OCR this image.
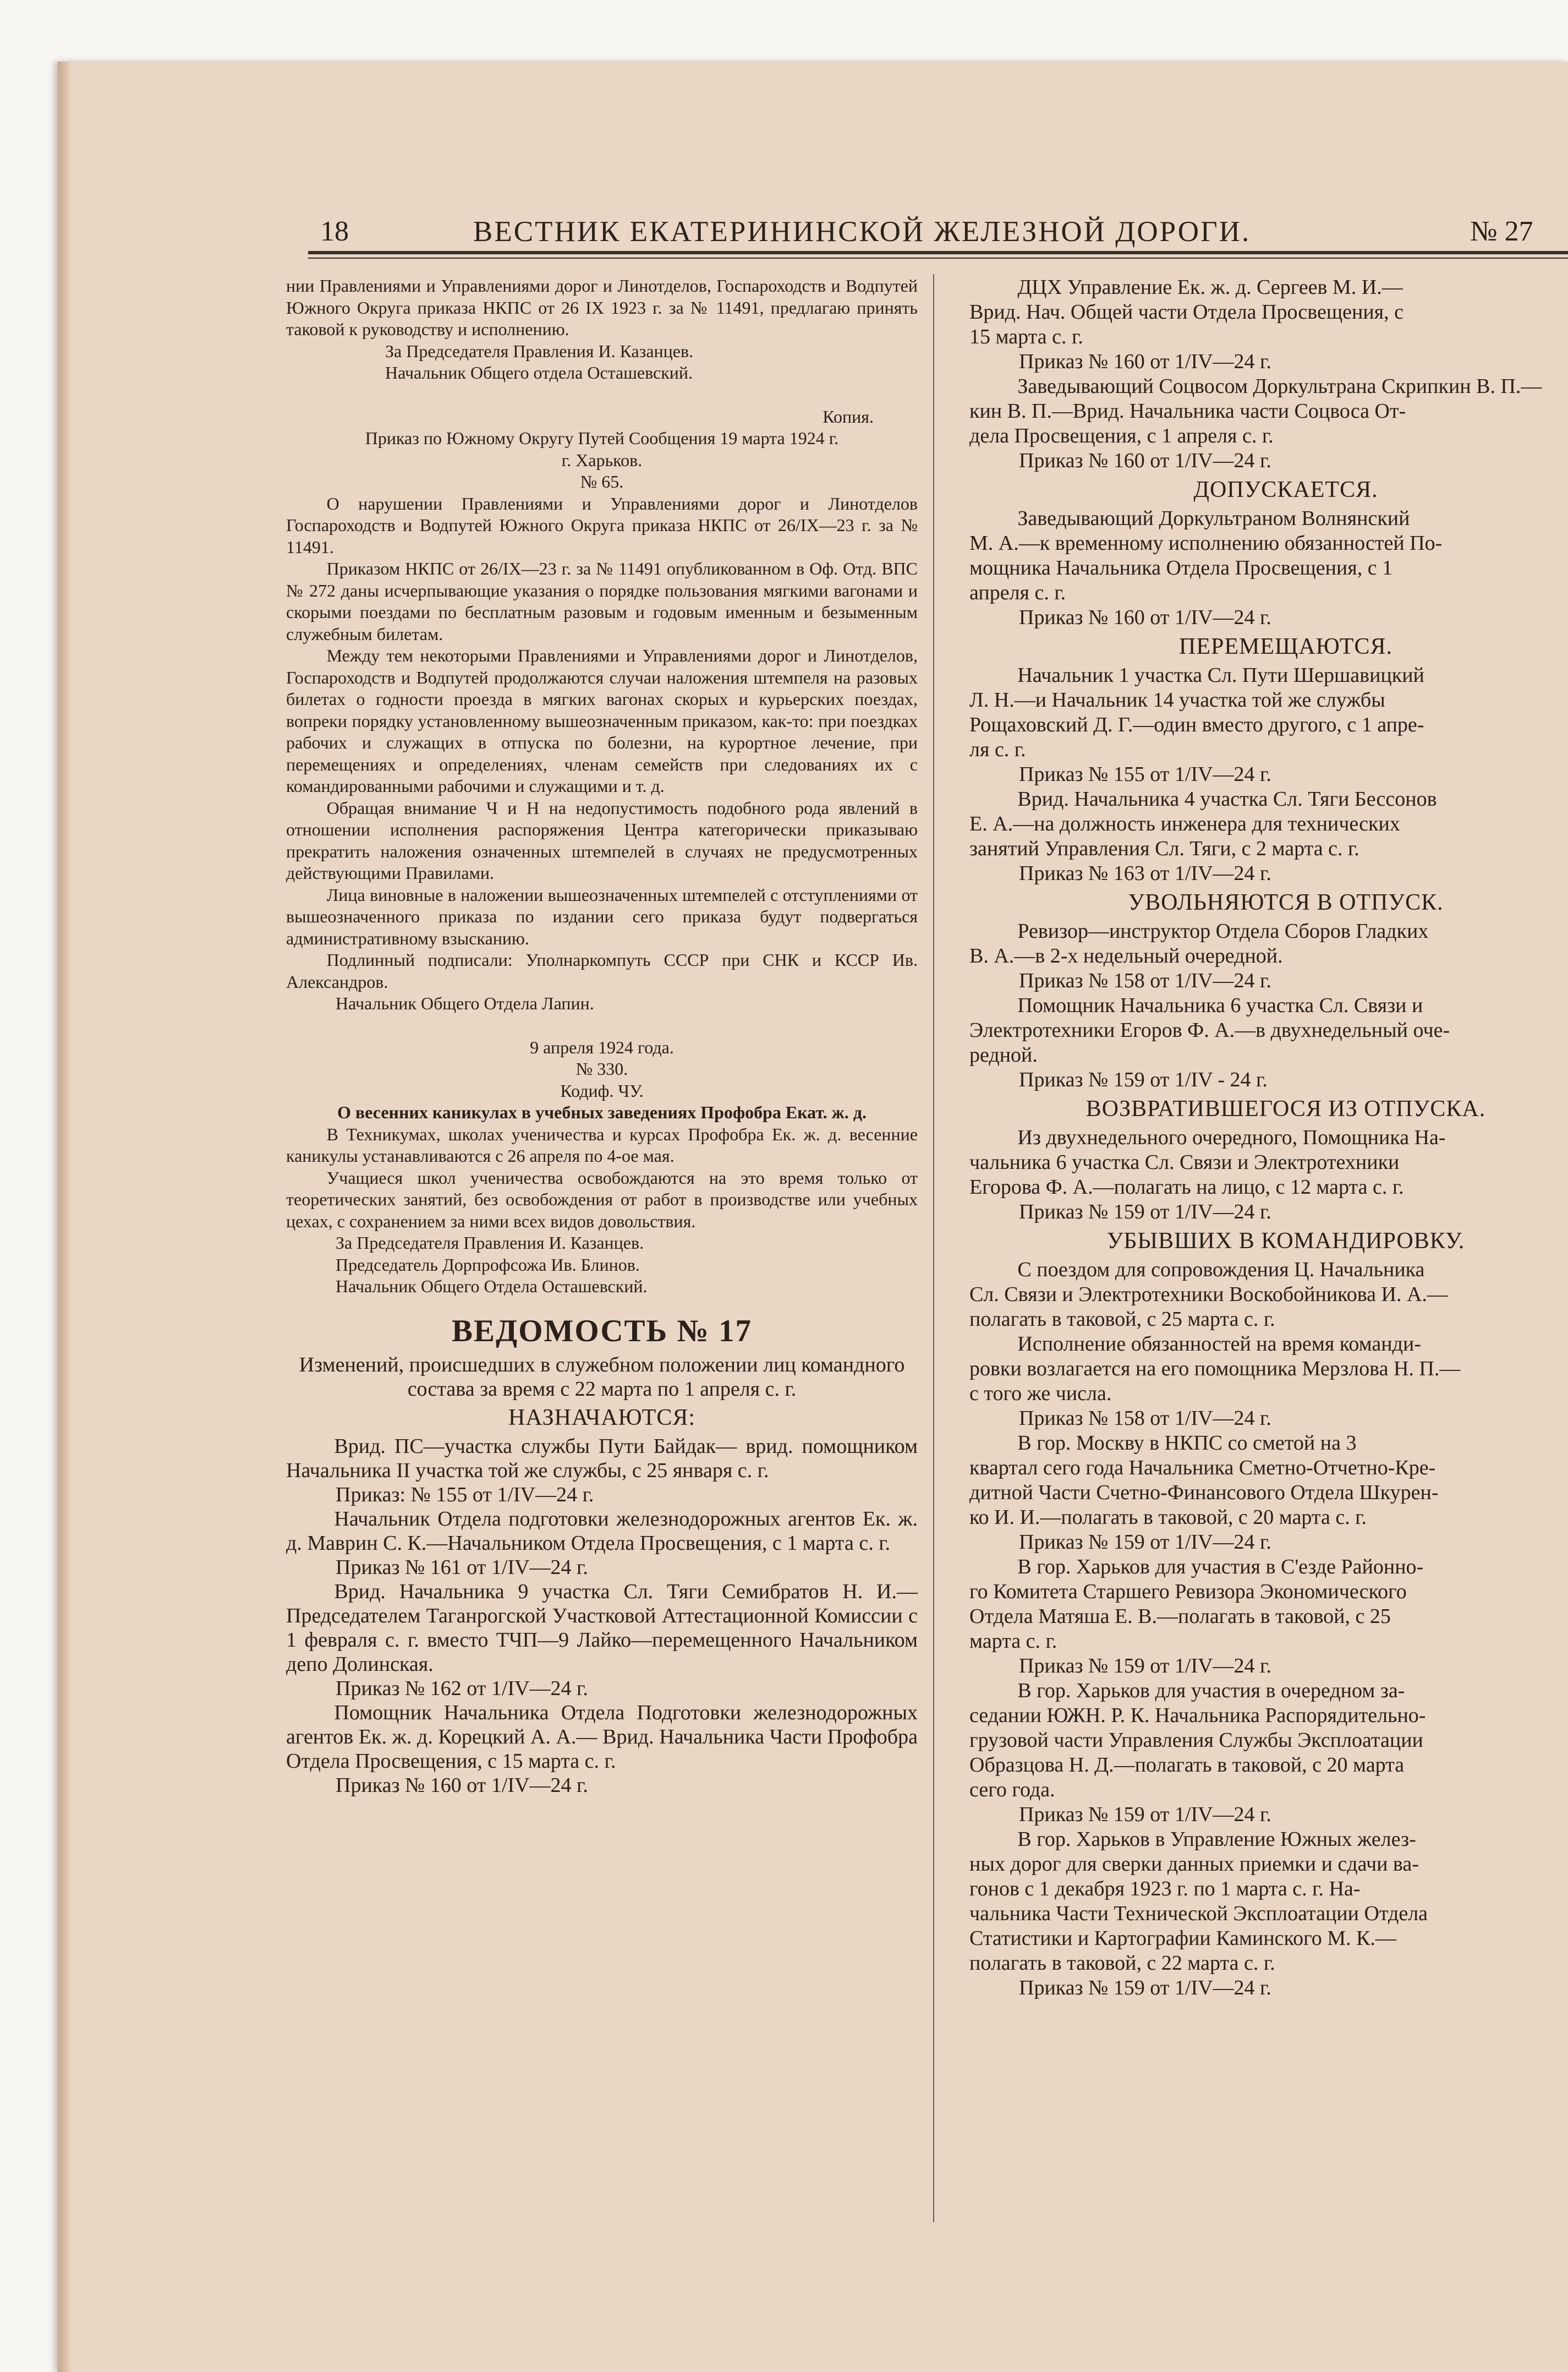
18	ВЕСТНИК ЕКАТЕРИНИНСКОЙ ЖЕЛЕЗНОЙ ДОРОГИ.	№ 27

нии Правлениями и Управлениями дорог и Линотделов, Госпароходств и Водпутей Южного Округа приказа НКПС от 26 IX 1923 г. за № 11491, предлагаю принять таковой к руководству и исполнению.

За Председателя Правления И. Казанцев.

Начальник Общего отдела Осташевский.

Копия.

Приказ по Южному Округу Путей Сообщения 19 марта 1924 г.

г. Харьков.

№ 65.

О нарушении Правлениями и Управлениями дорог и Линотделов Госпароходств и Водпутей Южного Округа приказа НКПС от 26/IX—23 г. за № 11491.

Приказом НКПС от 26/IX—23 г. за № 11491 опубликованном в Оф. Отд. ВПС № 272 даны исчерпывающие указания о порядке пользования мягкими вагонами и скорыми поездами по бесплатным разовым и годовым именным и безыменным служебным билетам.

Между тем некоторыми Правлениями и Управлениями дорог и Линотделов, Госпароходств и Водпутей продолжаются случаи наложения штемпеля на разовых билетах о годности проезда в мягких вагонах скорых и курьерских поездах, вопреки порядку установленному вышеозначенным приказом, как-то: при поездках рабочих и служащих в отпуска по болезни, на курортное лечение, при перемещениях и определениях, членам семейств при следованиях их с командированными рабочими и служащими и т. д.

Обращая внимание Ч и Н на недопустимость подобного рода явлений в отношении исполнения распоряжения Центра категорически приказываю прекратить наложения означенных штемпелей в случаях не предусмотренных действующими Правилами.

Лица виновные в наложении вышеозначенных штемпелей с отступлениями от вышеозначенного приказа по издании сего приказа будут подвергаться административному взысканию.

Подлинный подписали: Уполнаркомпуть СССР при СНК и КССР Ив. Александров.

Начальник Общего Отдела Лапин.

9 апреля 1924 года.

№ 330.

Кодиф. ЧУ.

О весенних каникулах в учебных заведениях Профобра Екат. ж. д.

В Техникумах, школах ученичества и курсах Профобра Ек. ж. д. весенние каникулы устанавливаются с 26 апреля по 4-ое мая.

Учащиеся школ ученичества освобождаются на это время только от теоретических занятий, без освобождения от работ в производстве или учебных цехах, с сохранением за ними всех видов довольствия.

За Председателя Правления И. Казанцев.

Председатель Дорпрофсожа Ив. Блинов.

Начальник Общего Отдела Осташевский.

ВЕДОМОСТЬ № 17

Изменений, происшедших в служебном положении лиц командного состава за время с 22 марта по 1 апреля с. г.

НАЗНАЧАЮТСЯ:

Врид. ПС—участка службы Пути Байдак— врид. помощником Начальника II участка той же службы, с 25 января с. г.

Приказ: № 155 от 1/IV—24 г.

Начальник Отдела подготовки железнодорожных агентов Ек. ж. д. Маврин С. К.—Начальником Отдела Просвещения, с 1 марта с. г.

Приказ № 161 от 1/IV—24 г.

Врид. Начальника 9 участка Сл. Тяги Семибратов Н. И.—Председателем Таганрогской Участковой Аттестационной Комиссии с 1 февраля с. г. вместо ТЧП—9 Лайко—перемещенного Начальником депо Долинская.

Приказ № 162 от 1/IV—24 г.

Помощник Начальника Отдела Подготовки железнодорожных агентов Ек. ж. д. Корецкий А. А.— Врид. Начальника Части Профобра Отдела Просвещения, с 15 марта с. г.

Приказ № 160 от 1/IV—24 г.

ДЦХ Управление Ек. ж. д. Сергеев М. И.—

Врид. Нач. Общей части Отдела Просвещения, с

15 марта с. г.

Приказ № 160 от 1/IV—24 г.

Заведывающий Соцвосом Доркультрана Скрипкин В. П.—

кин В. П.—Врид. Начальника части Соцвоса От-

дела Просвещения, с 1 апреля с. г.

Приказ № 160 от 1/IV—24 г.

ДОПУСКАЕТСЯ.

Заведывающий Доркультраном Волнянский

М. А.—к временному исполнению обязанностей По-

мощника Начальника Отдела Просвещения, с 1

апреля с. г.

Приказ № 160 от 1/IV—24 г.

ПЕРЕМЕЩАЮТСЯ.

Начальник 1 участка Сл. Пути Шершавицкий

Л. Н.—и Начальник 14 участка той же службы

Рощаховский Д. Г.—один вместо другого, с 1 апре-

ля с. г.

Приказ № 155 от 1/IV—24 г.

Врид. Начальника 4 участка Сл. Тяги Бессонов

Е. А.—на должность инженера для технических

занятий Управления Сл. Тяги, с 2 марта с. г.

Приказ № 163 от 1/IV—24 г.

УВОЛЬНЯЮТСЯ В ОТПУСК.

Ревизор—инструктор Отдела Сборов Гладких

В. А.—в 2-х недельный очередной.

Приказ № 158 от 1/IV—24 г.

Помощник Начальника 6 участка Сл. Связи и

Электротехники Егоров Ф. А.—в двухнедельный оче-

редной.

Приказ № 159 от 1/IV - 24 г.

ВОЗВРАТИВШЕГОСЯ ИЗ ОТПУСКА.

Из двухнедельного очередного, Помощника На-

чальника 6 участка Сл. Связи и Электротехники

Егорова Ф. А.—полагать на лицо, с 12 марта с. г.

Приказ № 159 от 1/IV—24 г.

УБЫВШИХ В КОМАНДИРОВКУ.

С поездом для сопровождения Ц. Начальника

Сл. Связи и Электротехники Воскобойникова И. А.—

полагать в таковой, с 25 марта с. г.

Исполнение обязанностей на время команди-

ровки возлагается на его помощника Мерзлова Н. П.—

с того же числа.

Приказ № 158 от 1/IV—24 г.

В гор. Москву в НКПС со сметой на 3

квартал сего года Начальника Сметно-Отчетно-Кре-

дитной Части Счетно-Финансового Отдела Шкурен-

ко И. И.—полагать в таковой, с 20 марта с. г.

Приказ № 159 от 1/IV—24 г.

В гор. Харьков для участия в С'езде Районно-

го Комитета Старшего Ревизора Экономического

Отдела Матяша Е. В.—полагать в таковой, с 25

марта с. г.

Приказ № 159 от 1/IV—24 г.

В гор. Харьков для участия в очередном за-

седании ЮЖН. Р. К. Начальника Распорядительно-

грузовой части Управления Службы Эксплоатации

Образцова Н. Д.—полагать в таковой, с 20 марта

сего года.

Приказ № 159 от 1/IV—24 г.

В гор. Харьков в Управление Южных желез-

ных дорог для сверки данных приемки и сдачи ва-

гонов с 1 декабря 1923 г. по 1 марта с. г. На-

чальника Части Технической Эксплоатации Отдела

Статистики и Картографии Каминского М. К.—

полагать в таковой, с 22 марта с. г.

Приказ № 159 от 1/IV—24 г.
